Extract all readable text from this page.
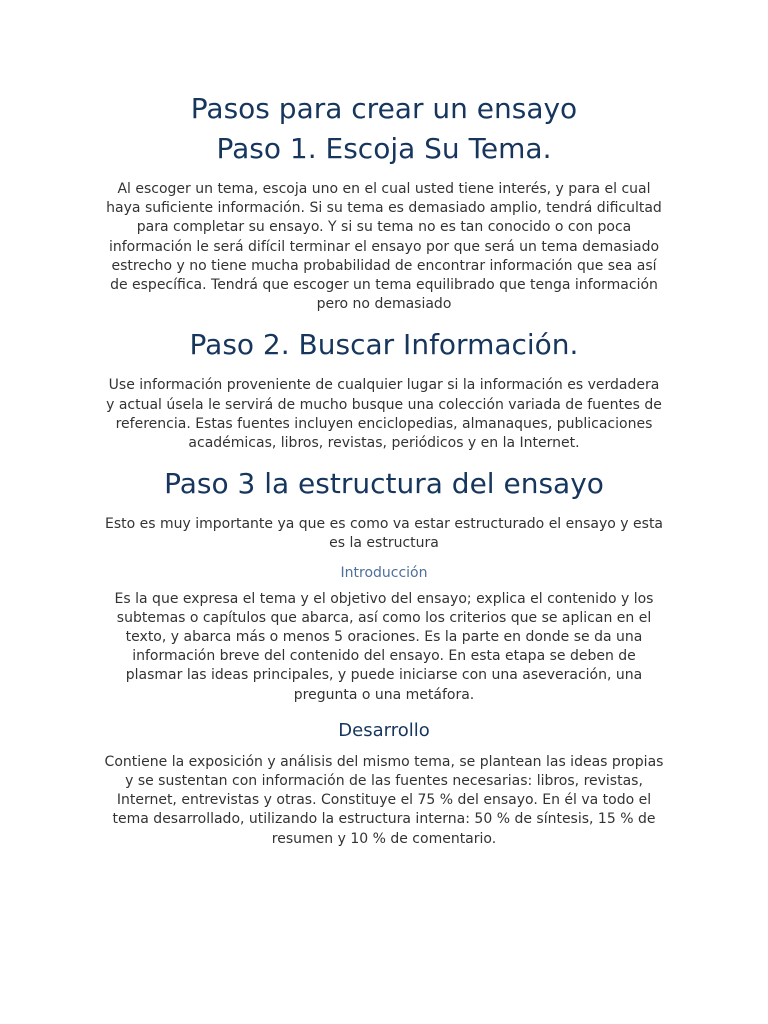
Pasos para crear un ensayo
Paso 1. Escoja Su Tema.

Al escoger un tema, escoja uno en el cual usted tiene interés, y para el cual haya suficiente información. Si su tema es demasiado amplio, tendrá dificultad para completar su ensayo. Y si su tema no es tan conocido o con poca información le será difícil terminar el ensayo por que será un tema demasiado estrecho y no tiene mucha probabilidad de encontrar información que sea así de específica. Tendrá que escoger un tema equilibrado que tenga información pero no demasiado

Paso 2. Buscar Información.

Use información proveniente de cualquier lugar si la información es verdadera y actual úsela le servirá de mucho busque una colección variada de fuentes de referencia. Estas fuentes incluyen enciclopedias, almanaques, publicaciones académicas, libros, revistas, periódicos y en la Internet.

Paso 3 la estructura del ensayo

Esto es muy importante ya que es como va estar estructurado el ensayo y esta es la estructura

Introducción

Es la que expresa el tema y el objetivo del ensayo; explica el contenido y los subtemas o capítulos que abarca, así como los criterios que se aplican en el texto, y abarca más o menos 5 oraciones. Es la parte en donde se da una información breve del contenido del ensayo. En esta etapa se deben de plasmar las ideas principales, y puede iniciarse con una aseveración, una pregunta o una metáfora.

Desarrollo

Contiene la exposición y análisis del mismo tema, se plantean las ideas propias y se sustentan con información de las fuentes necesarias: libros, revistas, Internet, entrevistas y otras. Constituye el 75 % del ensayo. En él va todo el tema desarrollado, utilizando la estructura interna: 50 % de síntesis, 15 % de resumen y 10 % de comentario.
